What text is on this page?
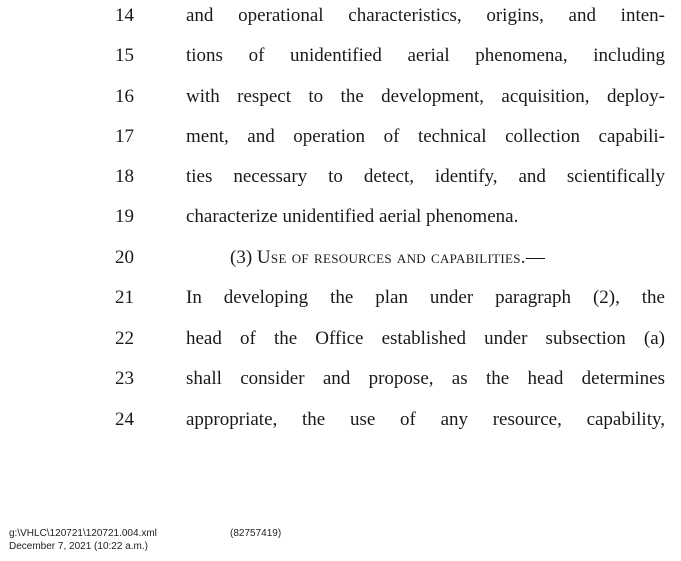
14	and operational characteristics, origins, and inten-
15	tions of unidentified aerial phenomena, including
16	with respect to the development, acquisition, deploy-
17	ment, and operation of technical collection capabili-
18	ties necessary to detect, identify, and scientifically
19	characterize unidentified aerial phenomena.
20	(3) Use of resources and capabilities.—
21	In developing the plan under paragraph (2), the
22	head of the Office established under subsection (a)
23	shall consider and propose, as the head determines
24	appropriate, the use of any resource, capability,
g:\VHLC\120721\120721.004.xml	(82757419)
December 7, 2021 (10:22 a.m.)
